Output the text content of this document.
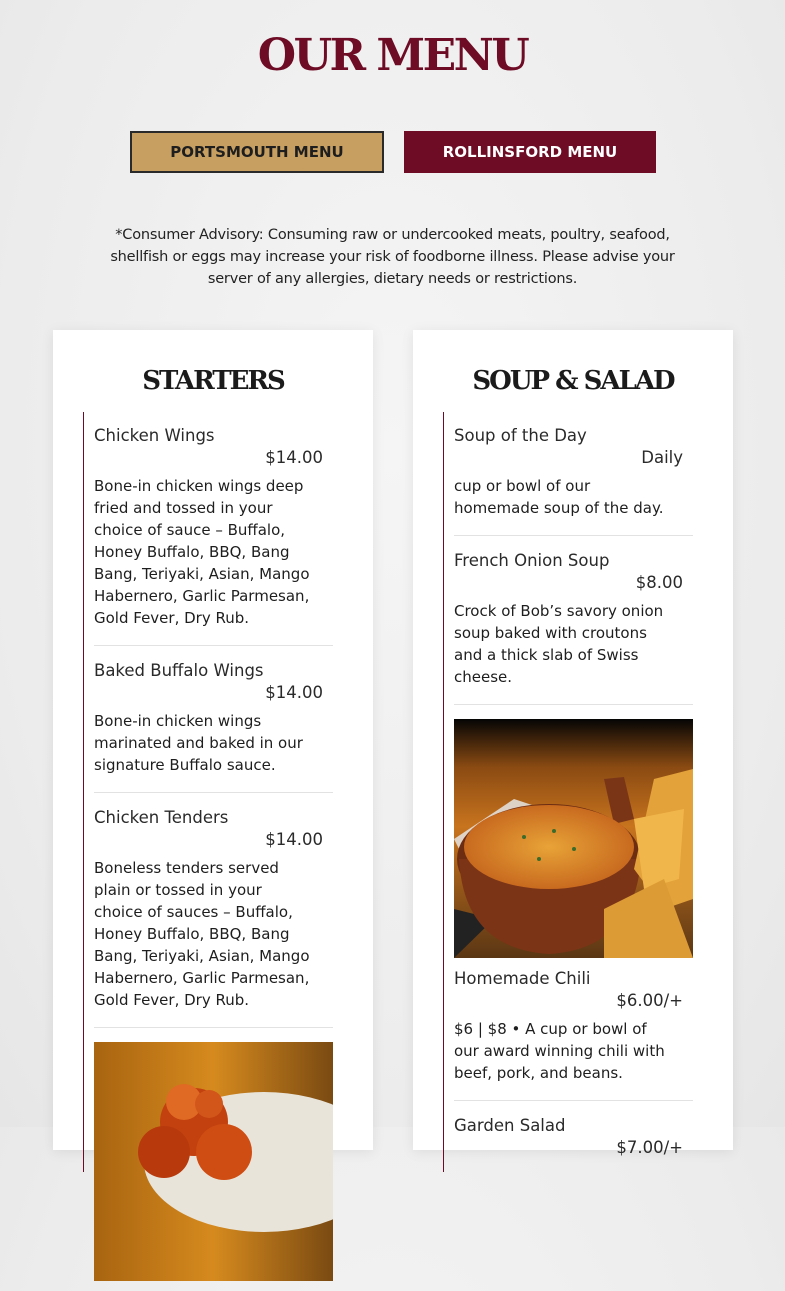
OUR MENU
PORTSMOUTH MENU	ROLLINSFORD MENU

*Consumer Advisory: Consuming raw or undercooked meats, poultry, seafood, shellfish or eggs may increase your risk of foodborne illness. Please advise your server of any allergies, dietary needs or restrictions.

STARTERS
Chicken Wings
$14.00
Bone-in chicken wings deep fried and tossed in your choice of sauce – Buffalo, Honey Buffalo, BBQ, Bang Bang, Teriyaki, Asian, Mango Habernero, Garlic Parmesan, Gold Fever, Dry Rub.
Baked Buffalo Wings
$14.00
Bone-in chicken wings marinated and baked in our signature Buffalo sauce.
Chicken Tenders
$14.00
Boneless tenders served plain or tossed in your choice of sauces – Buffalo, Honey Buffalo, BBQ, Bang Bang, Teriyaki, Asian, Mango Habernero, Garlic Parmesan, Gold Fever, Dry Rub.
SOUP & SALAD
Soup of the Day
Daily
cup or bowl of our homemade soup of the day.
French Onion Soup
$8.00
Crock of Bob’s savory onion soup baked with croutons and a thick slab of Swiss cheese.
Homemade Chili
$6.00/+
$6 | $8 • A cup or bowl of our award winning chili with beef, pork, and beans.
Garden Salad
$7.00/+
